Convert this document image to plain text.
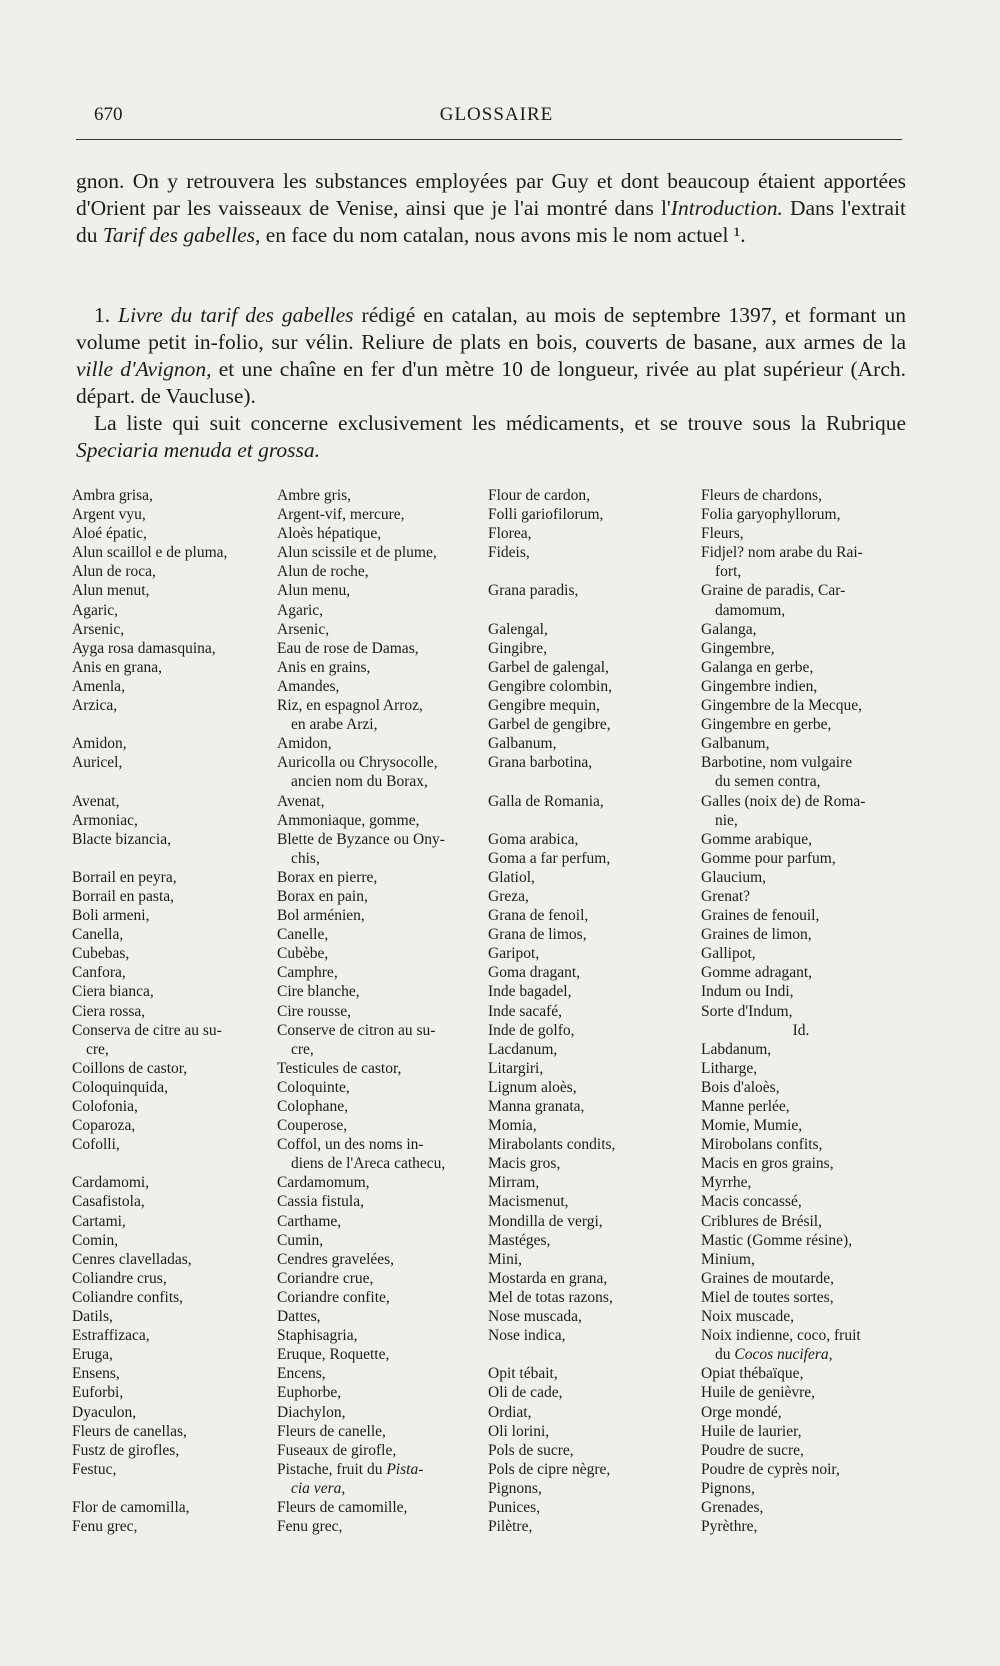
670	GLOSSAIRE

gnon. On y retrouvera les substances employées par Guy et dont beaucoup étaient apportées d'Orient par les vaisseaux de Venise, ainsi que je l'ai montré dans l'Introduction. Dans l'extrait du Tarif des gabelles, en face du nom catalan, nous avons mis le nom actuel ¹.

1. Livre du tarif des gabelles rédigé en catalan, au mois de septembre 1397, et formant un volume petit in-folio, sur vélin. Reliure de plats en bois, couverts de basane, aux armes de la ville d'Avignon, et une chaîne en fer d'un mètre 10 de longueur, rivée au plat supérieur (Arch. départ. de Vaucluse).

La liste qui suit concerne exclusivement les médicaments, et se trouve sous la Rubrique Speciaria menuda et grossa.

Ambra grisa,
Argent vyu,
Aloé épatic,
Alun scaillol e de pluma,
Alun de roca,
Alun menut,
Agaric,
Arsenic,
Ayga rosa damasquina,
Anis en grana,
Amenla,
Arzica,
Amidon,
Auricel,
Avenat,
Armoniac,
Blacte bizancia,
Borrail en peyra,
Borrail en pasta,
Boli armeni,
Canella,
Cubebas,
Canfora,
Ciera bianca,
Ciera rossa,
Conserva de citre au su-
cre,
Coillons de castor,
Coloquinquida,
Colofonia,
Coparoza,
Cofolli,
Cardamomi,
Casafistola,
Cartami,
Comin,
Cenres clavelladas,
Coliandre crus,
Coliandre confits,
Datils,
Estraffizaca,
Eruga,
Ensens,
Euforbi,
Dyaculon,
Fleurs de canellas,
Fustz de girofles,
Festuc,
Flor de camomilla,
Fenu grec,
Ambre gris,
Argent-vif, mercure,
Aloès hépatique,
Alun scissile et de plume,
Alun de roche,
Alun menu,
Agaric,
Arsenic,
Eau de rose de Damas,
Anis en grains,
Amandes,
Riz, en espagnol Arroz,
en arabe Arzi,
Amidon,
Auricolla ou Chrysocolle,
ancien nom du Borax,
Avenat,
Ammoniaque, gomme,
Blette de Byzance ou Ony-
chis,
Borax en pierre,
Borax en pain,
Bol arménien,
Canelle,
Cubèbe,
Camphre,
Cire blanche,
Cire rousse,
Conserve de citron au su-
cre,
Testicules de castor,
Coloquinte,
Colophane,
Couperose,
Coffol, un des noms in-
diens de l'Areca cathecu,
Cardamomum,
Cassia fistula,
Carthame,
Cumin,
Cendres gravelées,
Coriandre crue,
Coriandre confite,
Dattes,
Staphisagria,
Eruque, Roquette,
Encens,
Euphorbe,
Diachylon,
Fleurs de canelle,
Fuseaux de girofle,
Pistache, fruit du Pista-
cia vera,
Fleurs de camomille,
Fenu grec,
Flour de cardon,
Folli gariofilorum,
Florea,
Fideis,
Grana paradis,
Galengal,
Gingibre,
Garbel de galengal,
Gengibre colombin,
Gengibre mequin,
Garbel de gengibre,
Galbanum,
Grana barbotina,
Galla de Romania,
Goma arabica,
Goma a far perfum,
Glatiol,
Greza,
Grana de fenoil,
Grana de limos,
Garipot,
Goma dragant,
Inde bagadel,
Inde sacafé,
Inde de golfo,
Lacdanum,
Litargiri,
Lignum aloès,
Manna granata,
Momia,
Mirabolants condits,
Macis gros,
Mirram,
Macismenut,
Mondilla de vergi,
Mastéges,
Mini,
Mostarda en grana,
Mel de totas razons,
Nose muscada,
Nose indica,
Opit tébait,
Oli de cade,
Ordiat,
Oli lorini,
Pols de sucre,
Pols de cipre nègre,
Pignons,
Punices,
Pilètre,
Fleurs de chardons,
Folia garyophyllorum,
Fleurs,
Fidjel? nom arabe du Rai-
fort,
Graine de paradis, Car-
damomum,
Galanga,
Gingembre,
Galanga en gerbe,
Gingembre indien,
Gingembre de la Mecque,
Gingembre en gerbe,
Galbanum,
Barbotine, nom vulgaire
du semen contra,
Galles (noix de) de Roma-
nie,
Gomme arabique,
Gomme pour parfum,
Glaucium,
Grenat?
Graines de fenouil,
Graines de limon,
Gallipot,
Gomme adragant,
Indum ou Indi,
Sorte d'Indum,
Id.
Labdanum,
Litharge,
Bois d'aloès,
Manne perlée,
Momie, Mumie,
Mirobolans confits,
Macis en gros grains,
Myrrhe,
Macis concassé,
Criblures de Brésil,
Mastic (Gomme résine),
Minium,
Graines de moutarde,
Miel de toutes sortes,
Noix muscade,
Noix indienne, coco, fruit
du Cocos nucifera,
Opiat thébaïque,
Huile de genièvre,
Orge mondé,
Huile de laurier,
Poudre de sucre,
Poudre de cyprès noir,
Pignons,
Grenades,
Pyrèthre,
